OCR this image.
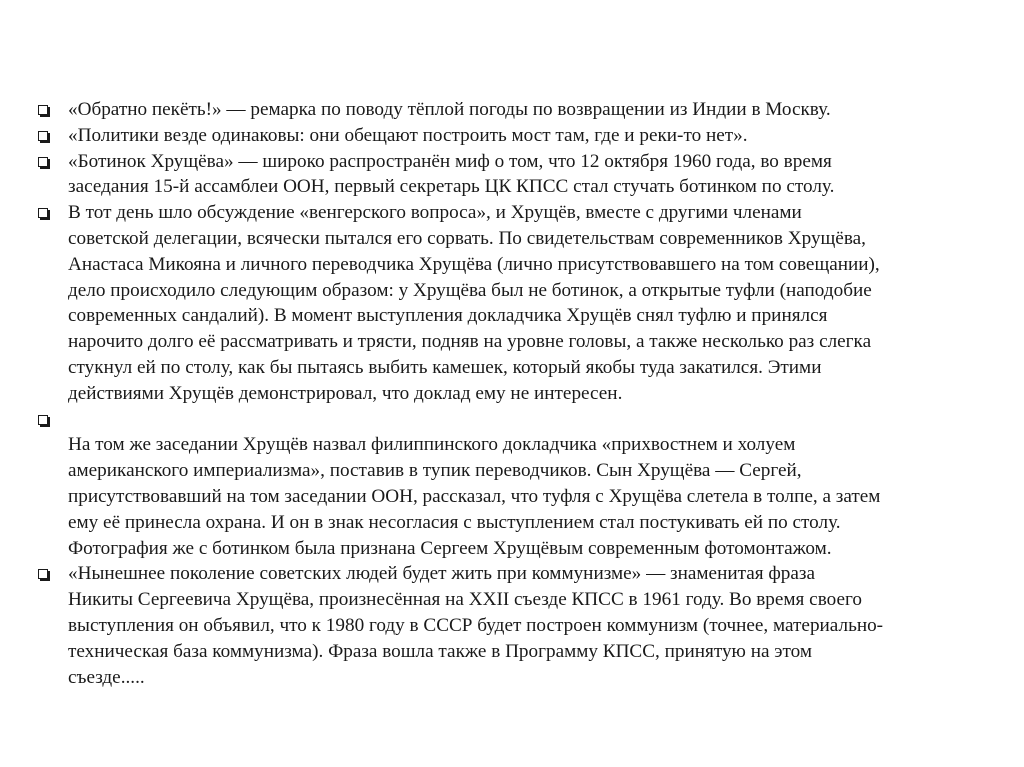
«Обратно пекёть!» — ремарка по поводу тёплой погоды по возвращении из Индии в Москву.
«Политики везде одинаковы: они обещают построить мост там, где и реки-то нет».
«Ботинок Хрущёва» — широко распространён миф о том, что 12 октября 1960 года, во время
заседания 15-й ассамблеи ООН, первый секретарь ЦК КПСС стал стучать ботинком по столу.
В тот день шло обсуждение «венгерского вопроса», и Хрущёв, вместе с другими членами
советской делегации, всячески пытался его сорвать. По свидетельствам современников Хрущёва,
Анастаса Микояна и личного переводчика Хрущёва (лично присутствовавшего на том совещании),
дело происходило следующим образом: у Хрущёва был не ботинок, а открытые туфли (наподобие
современных сандалий). В момент выступления докладчика Хрущёв снял туфлю и принялся
нарочито долго её рассматривать и трясти, подняв на уровне головы, а также несколько раз слегка
стукнул ей по столу, как бы пытаясь выбить камешек, который якобы туда закатился. Этими
действиями Хрущёв демонстрировал, что доклад ему не интересен.

На том же заседании Хрущёв назвал филиппинского докладчика «прихвостнем и холуем
американского империализма», поставив в тупик переводчиков. Сын Хрущёва — Сергей,
присутствовавший на том заседании ООН, рассказал, что туфля с Хрущёва слетела в толпе, а затем
ему её принесла охрана. И он в знак несогласия с выступлением стал постукивать ей по столу.
Фотография же с ботинком была признана Сергеем Хрущёвым современным фотомонтажом.
«Нынешнее поколение советских людей будет жить при коммунизме» — знаменитая фраза
Никиты Сергеевича Хрущёва, произнесённая на XXII съезде КПСС в 1961 году. Во время своего
выступления он объявил, что к 1980 году в СССР будет построен коммунизм (точнее, материально-
техническая база коммунизма). Фраза вошла также в Программу КПСС, принятую на этом
съезде.....
